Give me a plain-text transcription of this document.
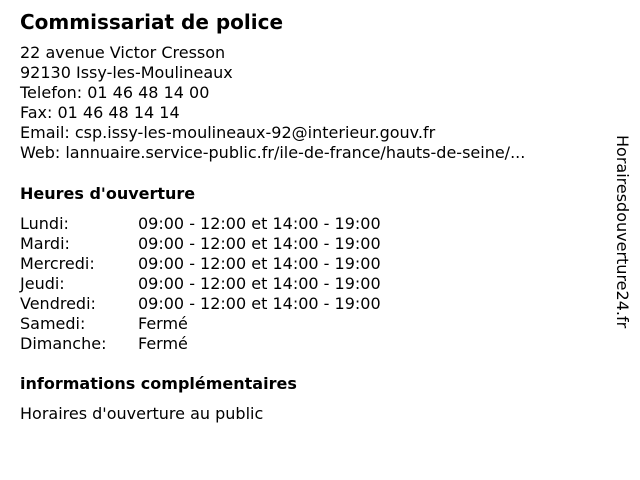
Commissariat de police
22 avenue Victor Cresson
92130 Issy-les-Moulineaux
Telefon: 01 46 48 14 00
Fax: 01 46 48 14 14
Email: csp.issy-les-moulineaux-92@interieur.gouv.fr
Web: lannuaire.service-public.fr/ile-de-france/hauts-de-seine/...
Heures d'ouverture
Lundi:	09:00 - 12:00 et 14:00 - 19:00
Mardi:	09:00 - 12:00 et 14:00 - 19:00
Mercredi:	09:00 - 12:00 et 14:00 - 19:00
Jeudi:	09:00 - 12:00 et 14:00 - 19:00
Vendredi:	09:00 - 12:00 et 14:00 - 19:00
Samedi:	Fermé
Dimanche:	Fermé
informations complémentaires
Horaires d'ouverture au public
Horairesdouverture24.fr
